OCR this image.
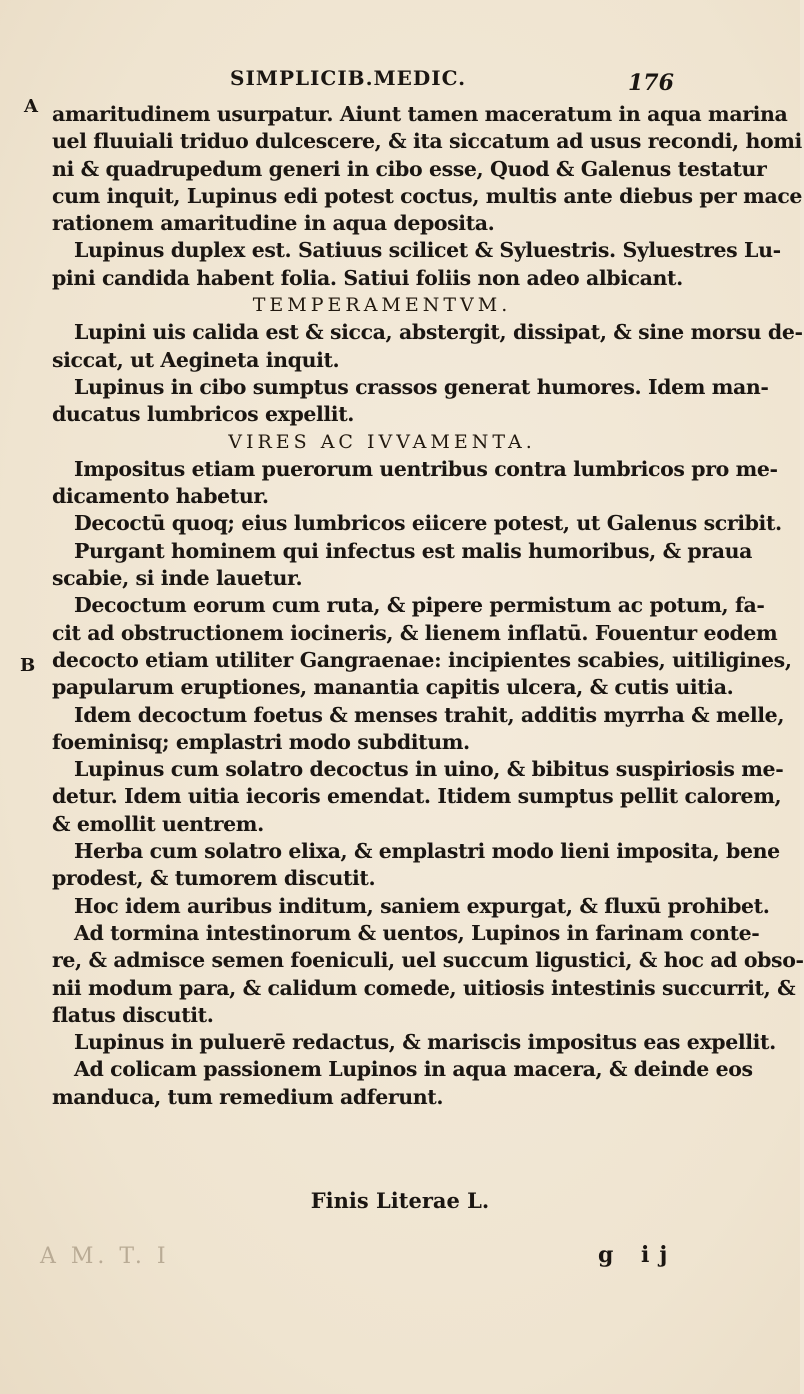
SIMPLICIB.MEDIC.	176
A
B
amaritudinem usurpatur. Aiunt tamen maceratum in aqua marina
uel fluuiali triduo dulcescere, & ita siccatum ad usus recondi, homi
ni & quadrupedum generi in cibo esse, Quod & Galenus testatur
cum inquit, Lupinus edi potest coctus, multis ante diebus per mace
rationem amaritudine in aqua deposita.
Lupinus duplex est. Satiuus scilicet & Syluestris. Syluestres Lu-
pini candida habent folia. Satiui foliis non adeo albicant.
TEMPERAMENTVM.
Lupini uis calida est & sicca, abstergit, dissipat, & sine morsu de-
siccat, ut Aegineta inquit.
Lupinus in cibo sumptus crassos generat humores. Idem man-
ducatus lumbricos expellit.
VIRES AC IVVAMENTA.
Impositus etiam puerorum uentribus contra lumbricos pro me-
dicamento habetur.
Decoctū quoq; eius lumbricos eiicere potest, ut Galenus scribit.
Purgant hominem qui infectus est malis humoribus, & praua
scabie, si inde lauetur.
Decoctum eorum cum ruta, & pipere permistum ac potum, fa-
cit ad obstructionem iocineris, & lienem inflatū. Fouentur eodem
decocto etiam utiliter Gangraenae: incipientes scabies, uitiligines,
papularum eruptiones, manantia capitis ulcera, & cutis uitia.
Idem decoctum foetus & menses trahit, additis myrrha & melle,
foeminisq; emplastri modo subditum.
Lupinus cum solatro decoctus in uino, & bibitus suspiriosis me-
detur. Idem uitia iecoris emendat. Itidem sumptus pellit calorem,
& emollit uentrem.
Herba cum solatro elixa, & emplastri modo lieni imposita, bene
prodest, & tumorem discutit.
Hoc idem auribus inditum, saniem expurgat, & fluxū prohibet.
Ad tormina intestinorum & uentos, Lupinos in farinam conte-
re, & admisce semen foeniculi, uel succum ligustici, & hoc ad obso-
nii modum para, & calidum comede, uitiosis intestinis succurrit, &
flatus discutit.
Lupinus in puluerē redactus, & mariscis impositus eas expellit.
Ad colicam passionem Lupinos in aqua macera, & deinde eos
manduca, tum remedium adferunt.
Finis Literae L.
A M. T. I	g ij
